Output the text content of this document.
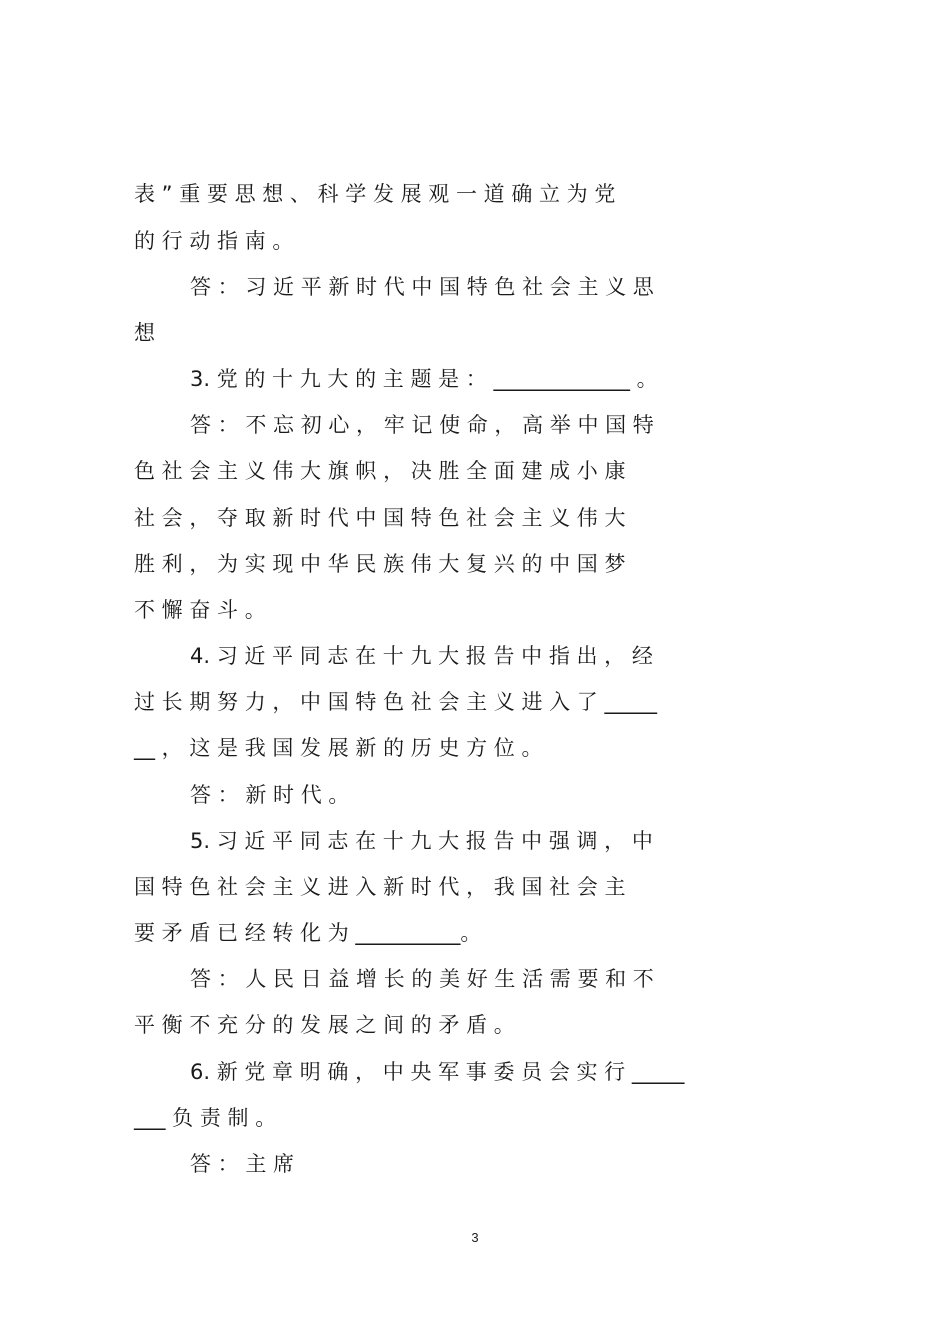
表 ” 重 要 思 想 、 科 学 发 展 观 一 道 确 立 为 党
的 行 动 指 南 。
答 ： 习 近 平 新 时 代 中 国 特 色 社 会 主 义 思
想
3. 党 的 十 九 大 的 主 题 是 ： _____________ 。
答 ： 不 忘 初 心 ， 牢 记 使 命 ， 高 举 中 国 特
色 社 会 主 义 伟 大 旗 帜 ， 决 胜 全 面 建 成 小 康
社 会 ， 夺 取 新 时 代 中 国 特 色 社 会 主 义 伟 大
胜 利 ， 为 实 现 中 华 民 族 伟 大 复 兴 的 中 国 梦
不 懈 奋 斗 。
4. 习 近 平 同 志 在 十 九 大 报 告 中 指 出 ， 经
过 长 期 努 力 ， 中 国 特 色 社 会 主 义 进 入 了 _____
__ ， 这 是 我 国 发 展 新 的 历 史 方 位 。
答 ： 新 时 代 。
5. 习 近 平 同 志 在 十 九 大 报 告 中 强 调 ， 中
国 特 色 社 会 主 义 进 入 新 时 代 ， 我 国 社 会 主
要 矛 盾 已 经 转 化 为 __________。
答 ： 人 民 日 益 增 长 的 美 好 生 活 需 要 和 不
平 衡 不 充 分 的 发 展 之 间 的 矛 盾 。
6. 新 党 章 明 确 ， 中 央 军 事 委 员 会 实 行 _____
___ 负 责 制 。
答 ： 主 席
3
